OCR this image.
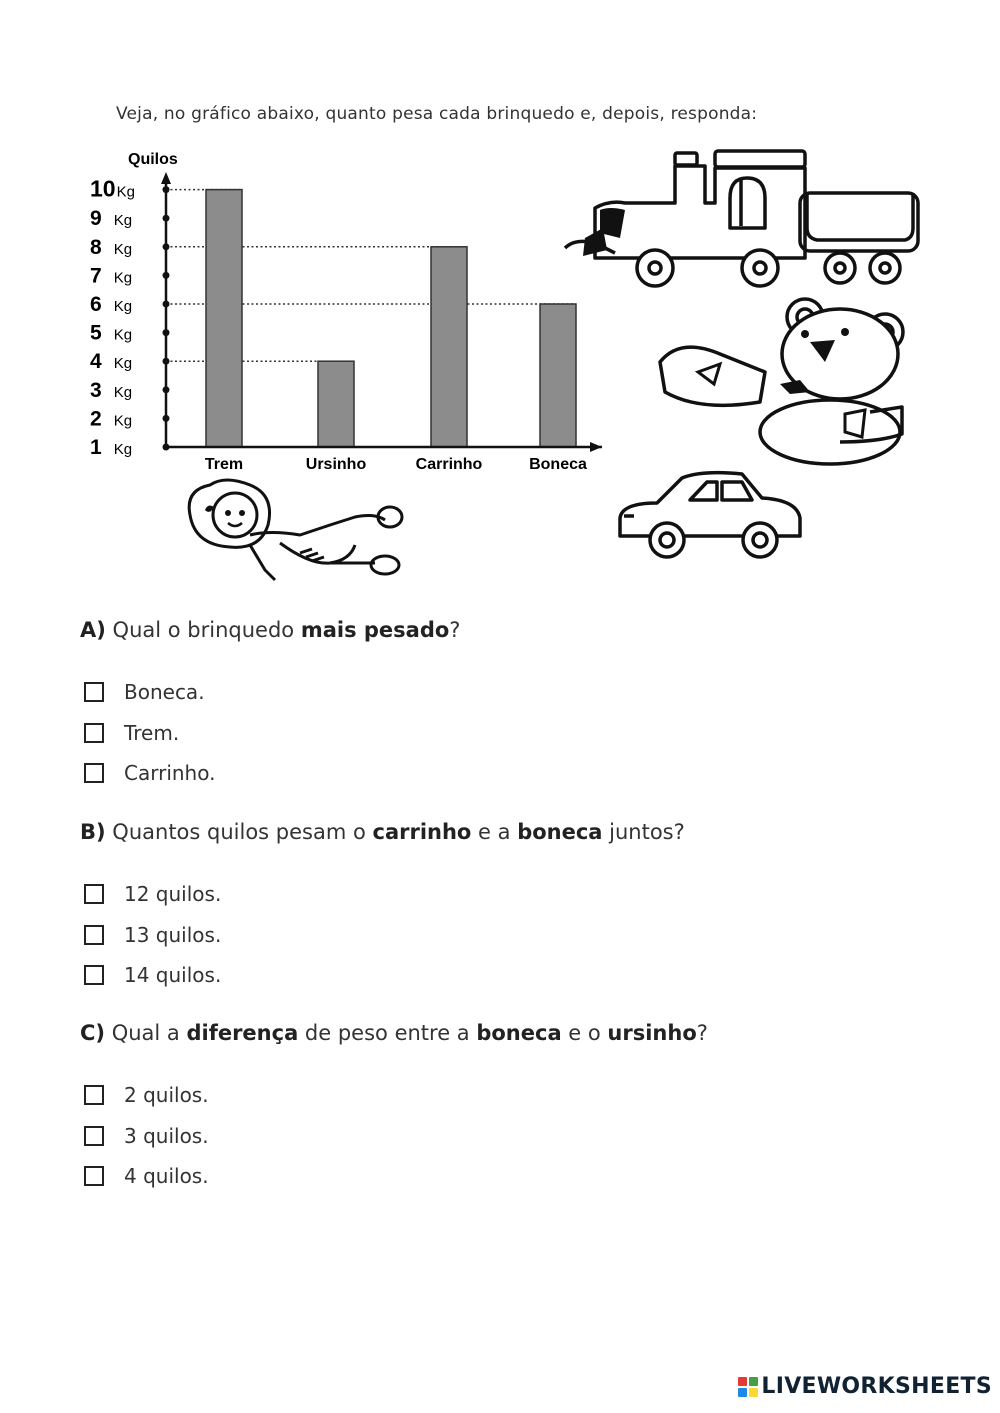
Veja, no gráfico abaixo, quanto pesa cada brinquedo e, depois, responda:
Quilos
1 Kg
2 Kg
3 Kg
4 Kg
5 Kg
6 Kg
7 Kg
8 Kg
9 Kg
10Kg
Trem	Ursinho	Carrinho	Boneca
A) Qual o brinquedo mais pesado?
Boneca.
Trem.
Carrinho.
B) Quantos quilos pesam o carrinho e a boneca juntos?
12 quilos.
13 quilos.
14 quilos.
C) Qual a diferença de peso entre a boneca e o ursinho?
2 quilos.
3 quilos.
4 quilos.
LIVEWORKSHEETS
